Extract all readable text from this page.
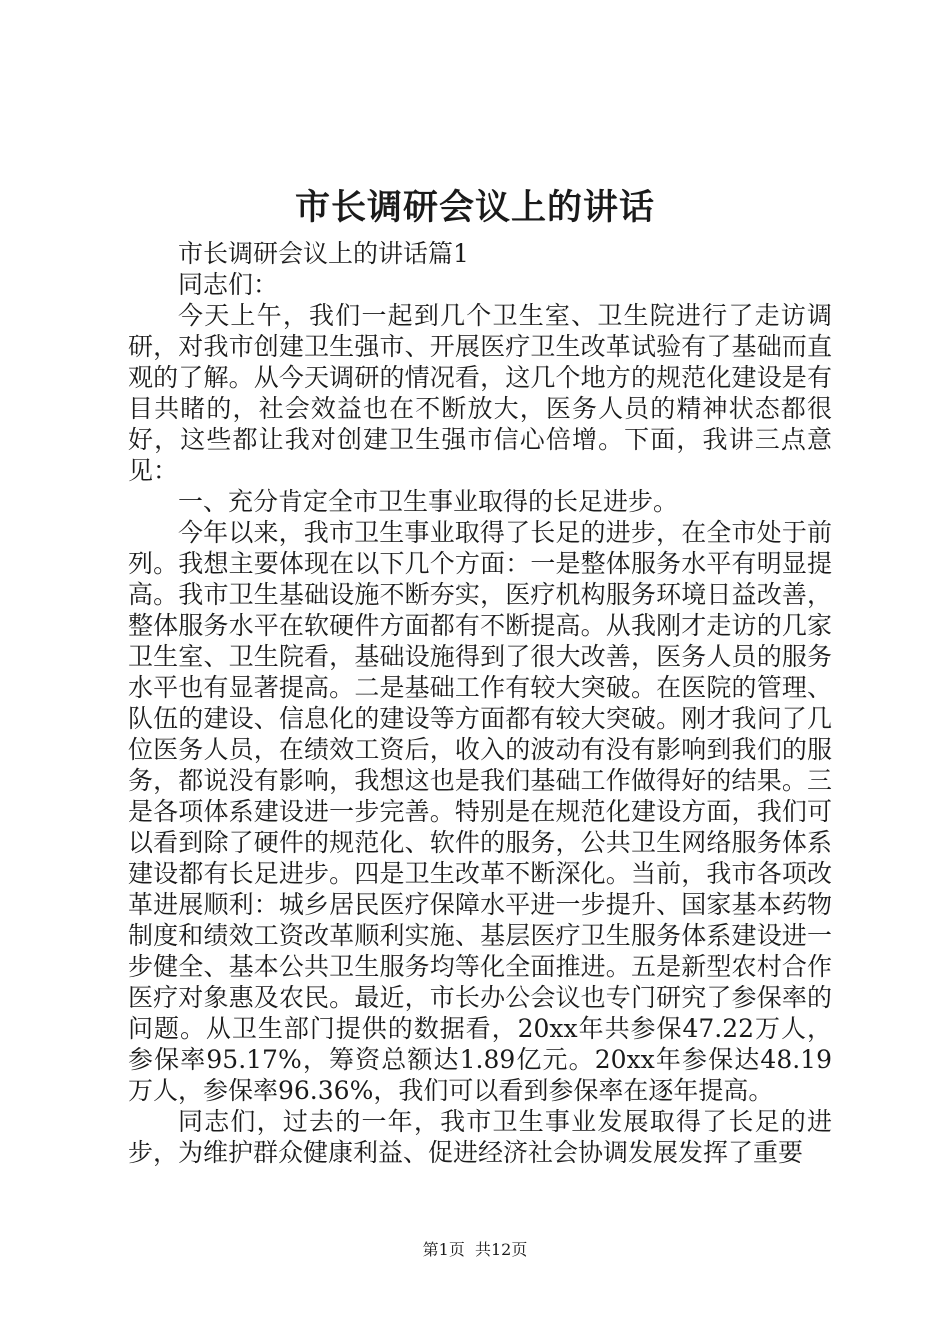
市长调研会议上的讲话

市长调研会议上的讲话篇1

同志们：

今天上午，我们一起到几个卫生室、卫生院进行了走访调研，对我市创建卫生强市、开展医疗卫生改革试验有了基础而直观的了解。从今天调研的情况看，这几个地方的规范化建设是有目共睹的，社会效益也在不断放大，医务人员的精神状态都很好，这些都让我对创建卫生强市信心倍增。下面，我讲三点意见：

一、充分肯定全市卫生事业取得的长足进步。

今年以来，我市卫生事业取得了长足的进步，在全市处于前列。我想主要体现在以下几个方面：一是整体服务水平有明显提高。我市卫生基础设施不断夯实，医疗机构服务环境日益改善，整体服务水平在软硬件方面都有不断提高。从我刚才走访的几家卫生室、卫生院看，基础设施得到了很大改善，医务人员的服务水平也有显著提高。二是基础工作有较大突破。在医院的管理、队伍的建设、信息化的建设等方面都有较大突破。刚才我问了几位医务人员，在绩效工资后，收入的波动有没有影响到我们的服务，都说没有影响，我想这也是我们基础工作做得好的结果。三是各项体系建设进一步完善。特别是在规范化建设方面，我们可以看到除了硬件的规范化、软件的服务，公共卫生网络服务体系建设都有长足进步。四是卫生改革不断深化。当前，我市各项改革进展顺利：城乡居民医疗保障水平进一步提升、国家基本药物制度和绩效工资改革顺利实施、基层医疗卫生服务体系建设进一步健全、基本公共卫生服务均等化全面推进。五是新型农村合作医疗对象惠及农民。最近，市长办公会议也专门研究了参保率的问题。从卫生部门提供的数据看，20xx年共参保47.22万人，参保率95.17%，筹资总额达1.89亿元。20xx年参保达48.19万人，参保率96.36%，我们可以看到参保率在逐年提高。

同志们，过去的一年，我市卫生事业发展取得了长足的进步，为维护群众健康利益、促进经济社会协调发展发挥了重要

第1页  共12页
